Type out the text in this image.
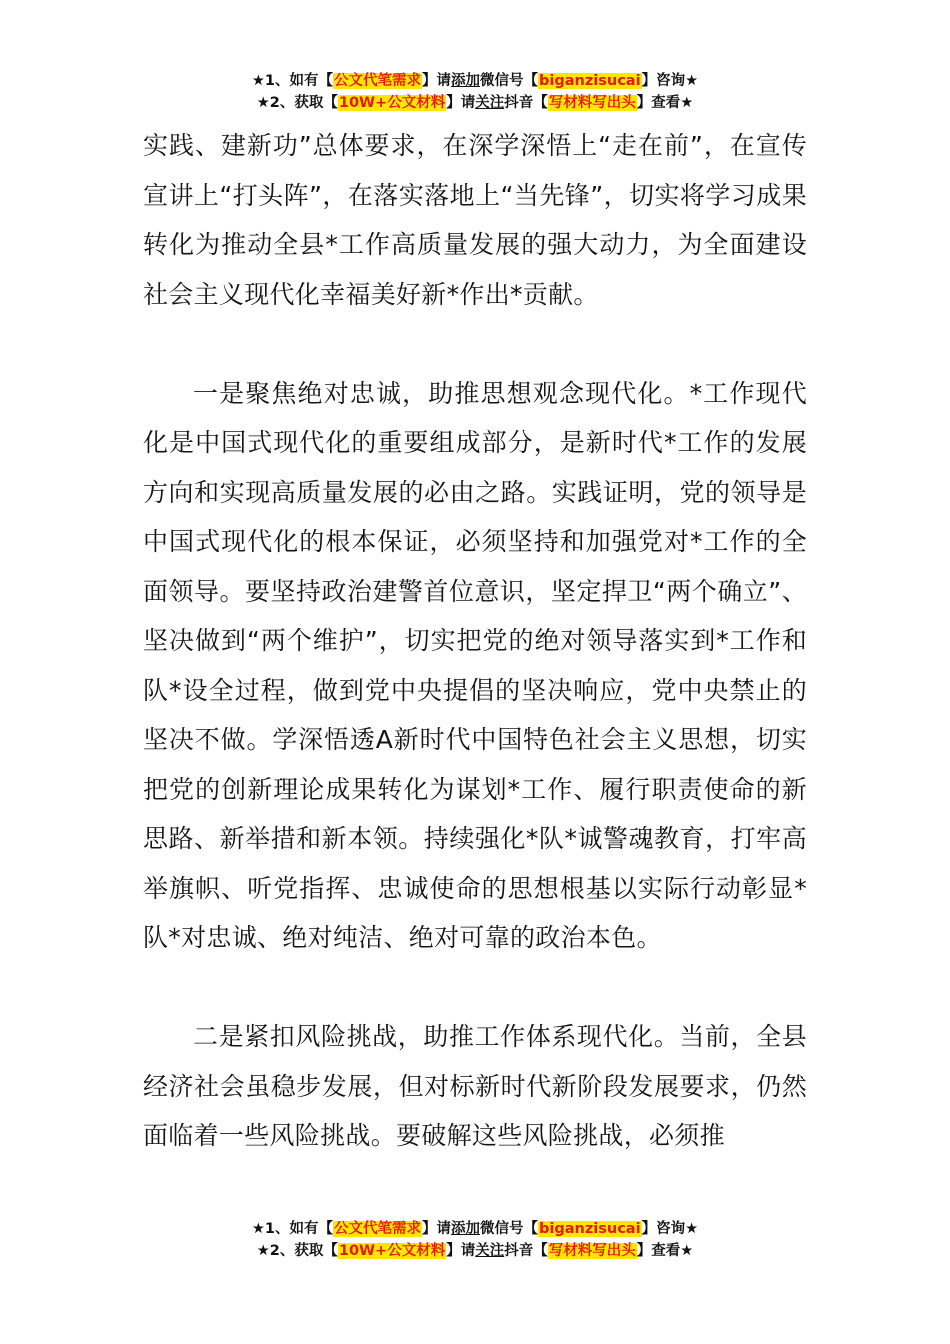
★1、如有【公文代笔需求】请添加微信号【biganzisucai】咨询★
★2、获取【10W+公文材料】请关注抖音【写材料写出头】查看★

实践、建新功”总体要求，在深学深悟上“走在前”，在宣传宣讲上“打头阵”，在落实落地上“当先锋”，切实将学习成果转化为推动全县*工作高质量发展的强大动力，为全面建设社会主义现代化幸福美好新*作出*贡献。

一是聚焦绝对忠诚，助推思想观念现代化。*工作现代化是中国式现代化的重要组成部分，是新时代*工作的发展方向和实现高质量发展的必由之路。实践证明，党的领导是中国式现代化的根本保证，必须坚持和加强党对*工作的全面领导。要坚持政治建警首位意识，坚定捍卫“两个确立”、坚决做到“两个维护”，切实把党的绝对领导落实到*工作和队*设全过程，做到党中央提倡的坚决响应，党中央禁止的坚决不做。学深悟透A新时代中国特色社会主义思想，切实把党的创新理论成果转化为谋划*工作、履行职责使命的新思路、新举措和新本领。持续强化*队*诚警魂教育，打牢高举旗帜、听党指挥、忠诚使命的思想根基以实际行动彰显*队*对忠诚、绝对纯洁、绝对可靠的政治本色。

二是紧扣风险挑战，助推工作体系现代化。当前，全县经济社会虽稳步发展，但对标新时代新阶段发展要求，仍然面临着一些风险挑战。要破解这些风险挑战，必须推

★1、如有【公文代笔需求】请添加微信号【biganzisucai】咨询★
★2、获取【10W+公文材料】请关注抖音【写材料写出头】查看★
